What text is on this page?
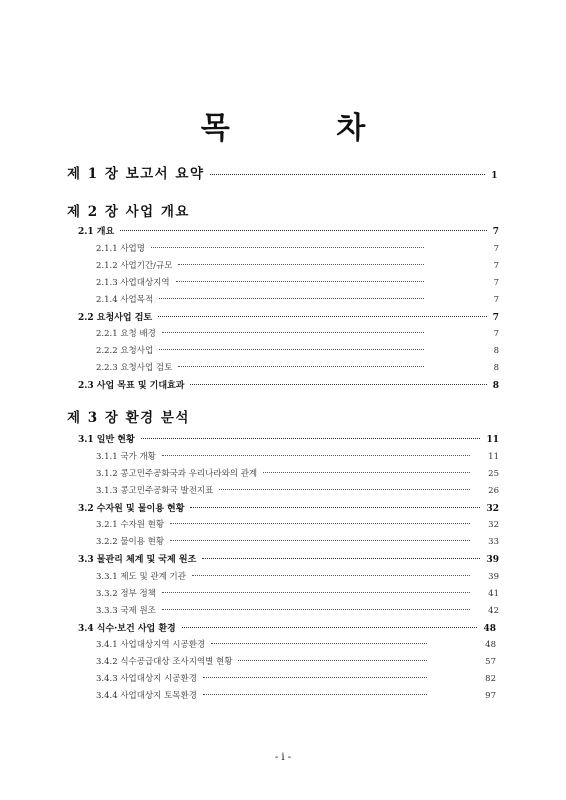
목 차
제 1 장 보고서 요약	1
제 2 장 사업 개요
2.1 개요	7
2.1.1 사업명	7
2.1.2 사업기간/규모	7
2.1.3 사업대상지역	7
2.1.4 사업목적	7
2.2 요청사업 검토	7
2.2.1 요청 배경	7
2.2.2 요청사업	8
2.2.3 요청사업 검토	8
2.3 사업 목표 및 기대효과	8
제 3 장 환경 분석
3.1 일반 현황	11
3.1.1 국가 개황	11
3.1.2 콩고민주공화국과 우리나라와의 관계	25
3.1.3 콩고민주공화국 발전지표	26
3.2 수자원 및 물이용 현황	32
3.2.1 수자원 현황	32
3.2.2 물이용 현황	33
3.3 물관리 체계 및 국제 원조	39
3.3.1 제도 및 관계 기관	39
3.3.2 정부 정책	41
3.3.3 국제 원조	42
3.4 식수·보건 사업 환경	48
3.4.1 사업대상지역 시공환경	48
3.4.2 식수공급대상 조사지역별 현황	57
3.4.3 사업대상지 시공환경	82
3.4.4 사업대상지 토목환경	97
- i -
